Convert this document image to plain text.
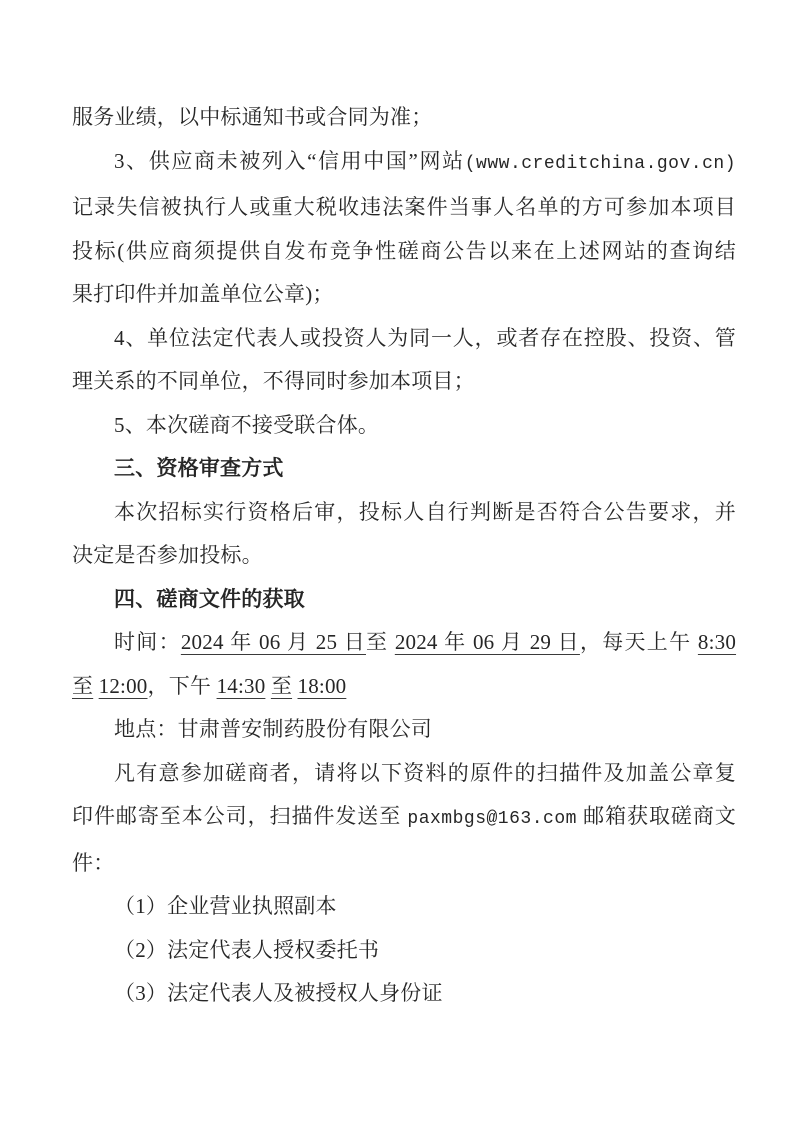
服务业绩，以中标通知书或合同为准；
3、供应商未被列入“信用中国”网站(www.creditchina.gov.cn)
记录失信被执行人或重大税收违法案件当事人名单的方可参加本项目
投标(供应商须提供自发布竞争性磋商公告以来在上述网站的查询结
果打印件并加盖单位公章)；
4、单位法定代表人或投资人为同一人，或者存在控股、投资、管
理关系的不同单位，不得同时参加本项目；
5、本次磋商不接受联合体。
三、资格审查方式
本次招标实行资格后审，投标人自行判断是否符合公告要求，并
决定是否参加投标。
四、磋商文件的获取
时间：2024 年 06 月 25 日至 2024 年 06 月 29 日，每天上午 8:30
至 12:00，下午 14:30 至 18:00
地点：甘肃普安制药股份有限公司
凡有意参加磋商者，请将以下资料的原件的扫描件及加盖公章复
印件邮寄至本公司，扫描件发送至 paxmbgs@163.com 邮箱获取磋商文
件：
（1）企业营业执照副本
（2）法定代表人授权委托书
（3）法定代表人及被授权人身份证
